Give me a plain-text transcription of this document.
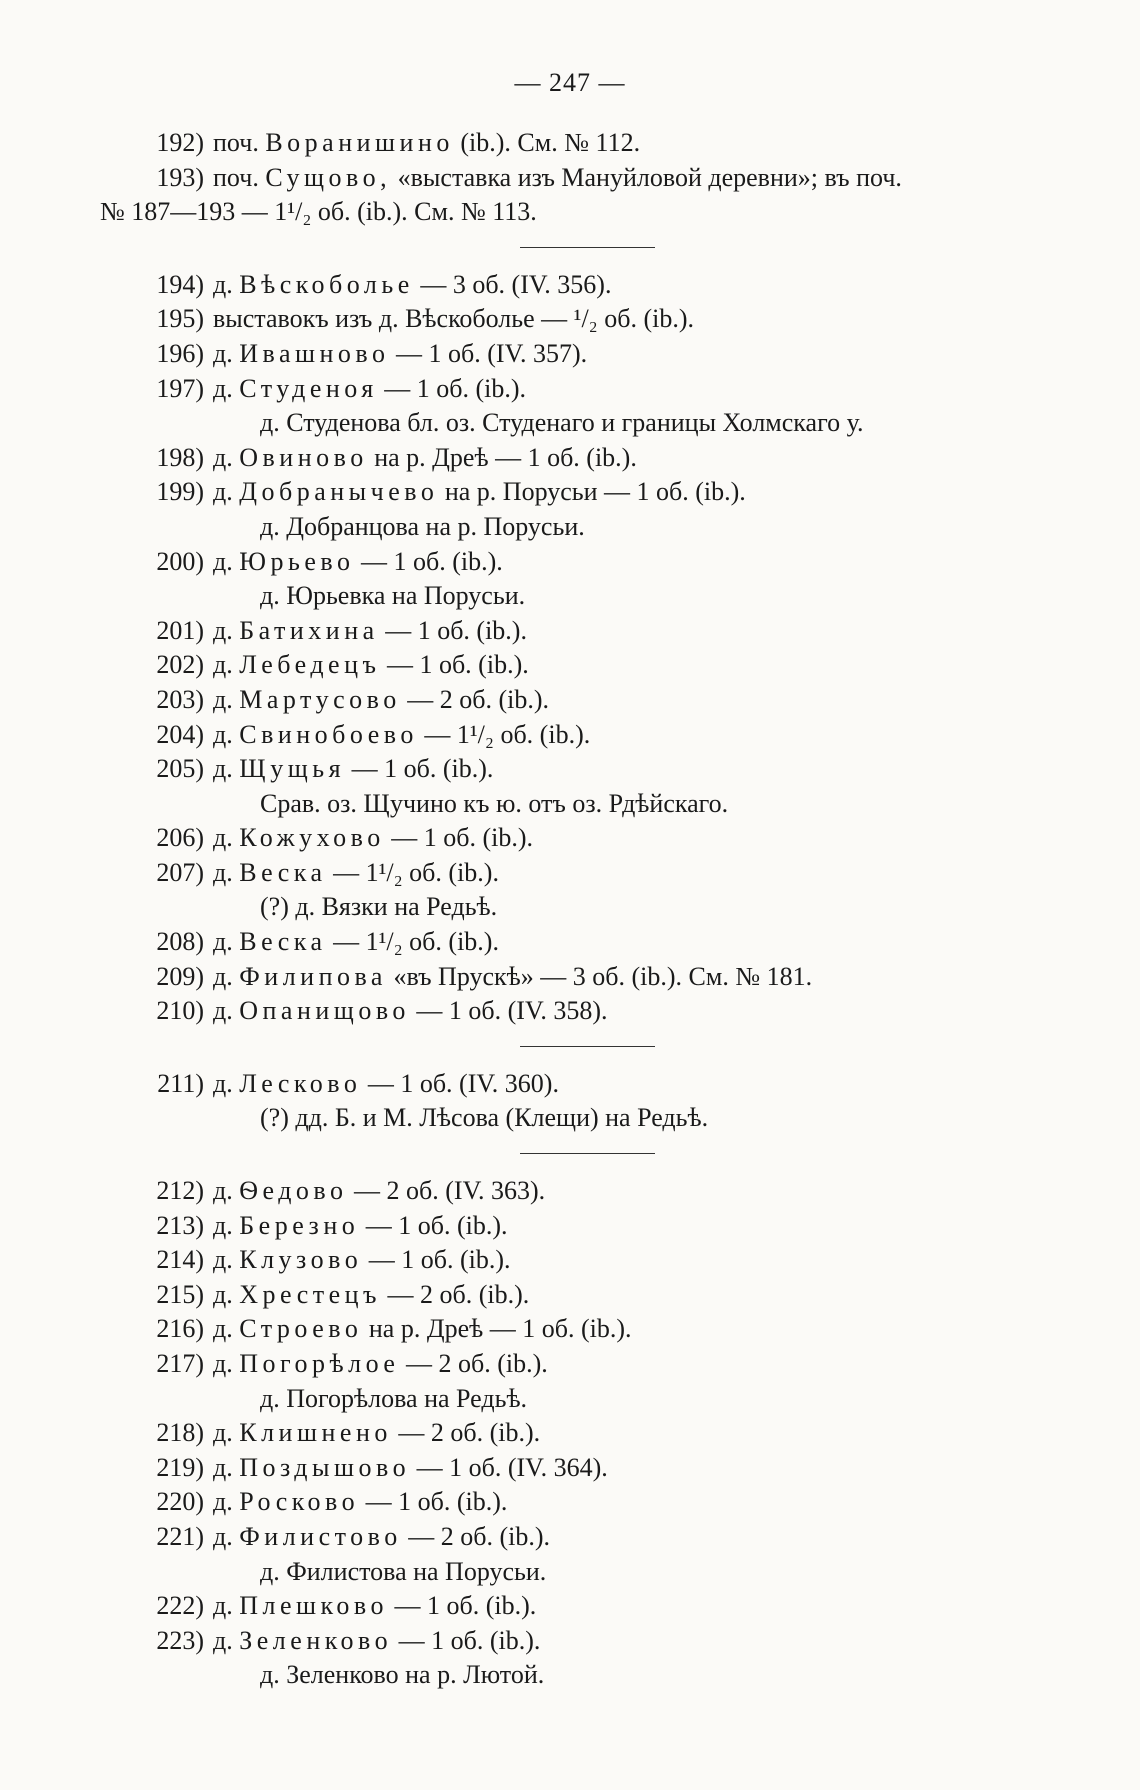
— 247 —
192) поч. Воранишино (ib.). См. № 112.
193) поч. Сущово, «выставка изъ Мануйловой деревни»; въ поч.
№ 187—193 — 1¹/₂ об. (ib.). См. № 113.
194) д. Вѣскоболье — 3 об. (IV. 356).
195) выставокъ изъ д. Вѣскоболье — ¹/₂ об. (ib.).
196) д. Ивашново — 1 об. (IV. 357).
197) д. Студеноя — 1 об. (ib.).
д. Студенова бл. оз. Студенаго и границы Холмскаго у.
198) д. Овиново на р. Дреѣ — 1 об. (ib.).
199) д. Добранычево на р. Порусьи — 1 об. (ib.).
д. Добранцова на р. Порусьи.
200) д. Юрьево — 1 об. (ib.).
д. Юрьевка на Порусьи.
201) д. Батихина — 1 об. (ib.).
202) д. Лебедецъ — 1 об. (ib.).
203) д. Мартусово — 2 об. (ib.).
204) д. Свинобоево — 1¹/₂ об. (ib.).
205) д. Щущья — 1 об. (ib.).
Срав. оз. Щучино къ ю. отъ оз. Рдѣйскаго.
206) д. Кожухово — 1 об. (ib.).
207) д. Веска — 1¹/₂ об. (ib.).
(?) д. Вязки на Редьѣ.
208) д. Веска — 1¹/₂ об. (ib.).
209) д. Филипова «въ Прускѣ» — 3 об. (ib.). См. № 181.
210) д. Опанищово — 1 об. (IV. 358).
211) д. Лесково — 1 об. (IV. 360).
(?) дд. Б. и М. Лѣсова (Клещи) на Редьѣ.
212) д. Ѳедово — 2 об. (IV. 363).
213) д. Березно — 1 об. (ib.).
214) д. Клузово — 1 об. (ib.).
215) д. Хрестецъ — 2 об. (ib.).
216) д. Строево на р. Дреѣ — 1 об. (ib.).
217) д. Погорѣлое — 2 об. (ib.).
д. Погорѣлова на Редьѣ.
218) д. Клишнено — 2 об. (ib.).
219) д. Поздышово — 1 об. (IV. 364).
220) д. Росково — 1 об. (ib.).
221) д. Филистово — 2 об. (ib.).
д. Филистова на Порусьи.
222) д. Плешково — 1 об. (ib.).
223) д. Зеленково — 1 об. (ib.).
д. Зеленково на р. Лютой.
